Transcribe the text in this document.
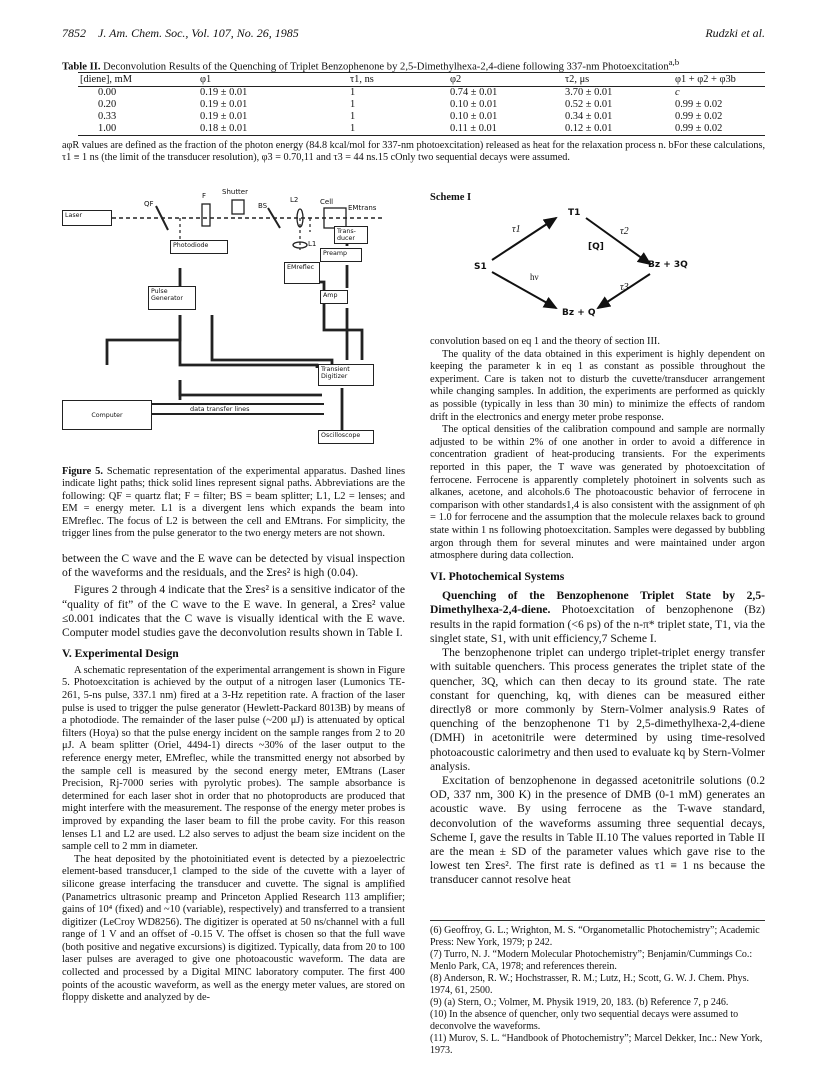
7852 J. Am. Chem. Soc., Vol. 107, No. 26, 1985	Rudzki et al.
Table II. Deconvolution Results of the Quenching of Triplet Benzophenone by 2,5-Dimethylhexa-2,4-diene following 337-nm Photoexcitation$^{a,b}$
[diene], mM	φ1	τ1, ns	φ2	τ2, μs	φ1 + φ2 + φ3b
0.00	0.19 ± 0.01	1	0.74 ± 0.01	3.70 ± 0.01	c
0.20	0.19 ± 0.01	1	0.10 ± 0.01	0.52 ± 0.01	0.99 ± 0.02
0.33	0.19 ± 0.01	1	0.10 ± 0.01	0.34 ± 0.01	0.99 ± 0.02
1.00	0.18 ± 0.01	1	0.11 ± 0.01	0.12 ± 0.01	0.99 ± 0.02
aφR values are defined as the fraction of the photon energy (84.8 kcal/mol for 337-nm photoexcitation) released as heat for the relaxation process n. bFor these calculations, τ1 ≡ 1 ns (the limit of the transducer resolution), φ3 = 0.70,11 and τ3 = 44 ns.15 cOnly two sequential decays were assumed.
Laser
QF
F Shutter
BS
L2	Cell
EMtrans
Trans- ducer
Photodiode	L1
Preamp
EMreflec
Pulse Generator	Amp
Transient Digitizer
data transfer lines
Computer
Oscilloscope
Figure 5. Schematic representation of the experimental apparatus. Dashed lines indicate light paths; thick solid lines represent signal paths. Abbreviations are the following: QF = quartz flat; F = filter; BS = beam splitter; L1, L2 = lenses; and EM = energy meter. L1 is a divergent lens which expands the beam into EMreflec. The focus of L2 is between the cell and EMtrans. For simplicity, the trigger lines from the pulse generator to the two energy meters are not shown.
between the C wave and the E wave can be detected by visual inspection of the waveforms and the residuals, and the Σres² is high (0.04).

Figures 2 through 4 indicate that the Σres² is a sensitive indicator of the “quality of fit” of the C wave to the E wave. In general, a Σres² value ≤0.001 indicates that the C wave is visually identical with the E wave. Computer model studies gave the deconvolution results shown in Table I.

V. Experimental Design

A schematic representation of the experimental arrangement is shown in Figure 5. Photoexcitation is achieved by the output of a nitrogen laser (Lumonics TE-261, 5-ns pulse, 337.1 nm) fired at a 3-Hz repetition rate. A fraction of the laser pulse is used to trigger the pulse generator (Hewlett-Packard 8013B) by means of a photodiode. The remainder of the laser pulse (~200 μJ) is attenuated by optical filters (Hoya) so that the pulse energy incident on the sample ranges from 2 to 20 μJ. A beam splitter (Oriel, 4494-1) directs ~30% of the laser output to the reference energy meter, EMreflec, while the transmitted energy not absorbed by the sample cell is measured by the second energy meter, EMtrans (Laser Precision, Rj-7000 series with pyrolytic probes). The sample absorbance is determined for each laser shot in order that no photoproducts are produced that might interfere with the measurement. The response of the energy meter probes is improved by expanding the laser beam to fill the probe cavity. For this reason lenses L1 and L2 are used. L2 also serves to adjust the beam size incident on the sample cell to 2 mm in diameter.

The heat deposited by the photoinitiated event is detected by a piezoelectric element-based transducer,1 clamped to the side of the cuvette with a layer of silicone grease interfacing the transducer and cuvette. The signal is amplified (Panametrics ultrasonic preamp and Princeton Applied Research 113 amplifier; gains of 10⁴ (fixed) and ~10 (variable), respectively) and transferred to a transient digitizer (LeCroy WD8256). The digitizer is operated at 50 ns/channel with a full range of 1 V and an offset of -0.15 V. The offset is chosen so that the full wave (both positive and negative excursions) is digitized. Typically, data from 20 to 100 laser pulses are averaged to give one photoacoustic waveform. The data are collected and processed by a Digital MINC laboratory computer. The first 400 points of the acoustic waveform, as well as the energy meter values, are stored on floppy diskette and analyzed by de-

Scheme I
T1
τ1	τ2
[Q]
S1	Bz + 3Q
hν
τ3
Bz + Q
convolution based on eq 1 and the theory of section III.

The quality of the data obtained in this experiment is highly dependent on keeping the parameter k in eq 1 as constant as possible throughout the experiment. Care is taken not to disturb the cuvette/transducer arrangement while changing samples. In addition, the experiments are performed as quickly as possible (typically in less than 30 min) to minimize the effects of random drift in the electronics and energy meter probe response.

The optical densities of the calibration compound and sample are normally adjusted to be within 2% of one another in order to avoid a difference in concentration gradient of heat-producing transients. For the experiments reported in this paper, the T wave was generated by photoexcitation of ferrocene. Ferrocene is apparently completely photoinert in solvents such as alkanes, acetone, and alcohols.6 The photoacoustic behavior of ferrocene in comparison with other standards1,4 is also consistent with the assignment of φh = 1.0 for ferrocene and the assumption that the molecule relaxes back to ground state within 1 ns following photoexcitation. Samples were degassed by bubbling argon through them for several minutes and were maintained under argon atmosphere during data collection.

VI. Photochemical Systems

Quenching of the Benzophenone Triplet State by 2,5-Dimethylhexa-2,4-diene. Photoexcitation of benzophenone (Bz) results in the rapid formation (<6 ps) of the n-π* triplet state, T1, via the singlet state, S1, with unit efficiency,7 Scheme I.

The benzophenone triplet can undergo triplet-triplet energy transfer with suitable quenchers. This process generates the triplet state of the quencher, 3Q, which can then decay to its ground state. The rate constant for quenching, kq, with dienes can be measured either directly8 or more commonly by Stern-Volmer analysis.9 Rates of quenching of the benzophenone T1 by 2,5-dimethylhexa-2,4-diene (DMH) in acetonitrile were determined by using time-resolved photoacoustic calorimetry and then used to evaluate kq by Stern-Volmer analysis.

Excitation of benzophenone in degassed acetonitrile solutions (0.2 OD, 337 nm, 300 K) in the presence of DMB (0-1 mM) generates an acoustic wave. By using ferrocene as the T-wave standard, deconvolution of the waveforms assuming three sequential decays, Scheme I, gave the results in Table II.10 The values reported in Table II are the mean ± SD of the parameter values which gave rise to the lowest ten Σres². The first rate is defined as τ1 ≡ 1 ns because the transducer cannot resolve heat

(6) Geoffroy, G. L.; Wrighton, M. S. “Organometallic Photochemistry”; Academic Press: New York, 1979; p 242.
(7) Turro, N. J. “Modern Molecular Photochemistry”; Benjamin/Cummings Co.: Menlo Park, CA, 1978; and references therein.
(8) Anderson, R. W.; Hochstrasser, R. M.; Lutz, H.; Scott, G. W. J. Chem. Phys. 1974, 61, 2500.
(9) (a) Stern, O.; Volmer, M. Physik 1919, 20, 183. (b) Reference 7, p 246.
(10) In the absence of quencher, only two sequential decays were assumed to deconvolve the waveforms.
(11) Murov, S. L. “Handbook of Photochemistry”; Marcel Dekker, Inc.: New York, 1973.
